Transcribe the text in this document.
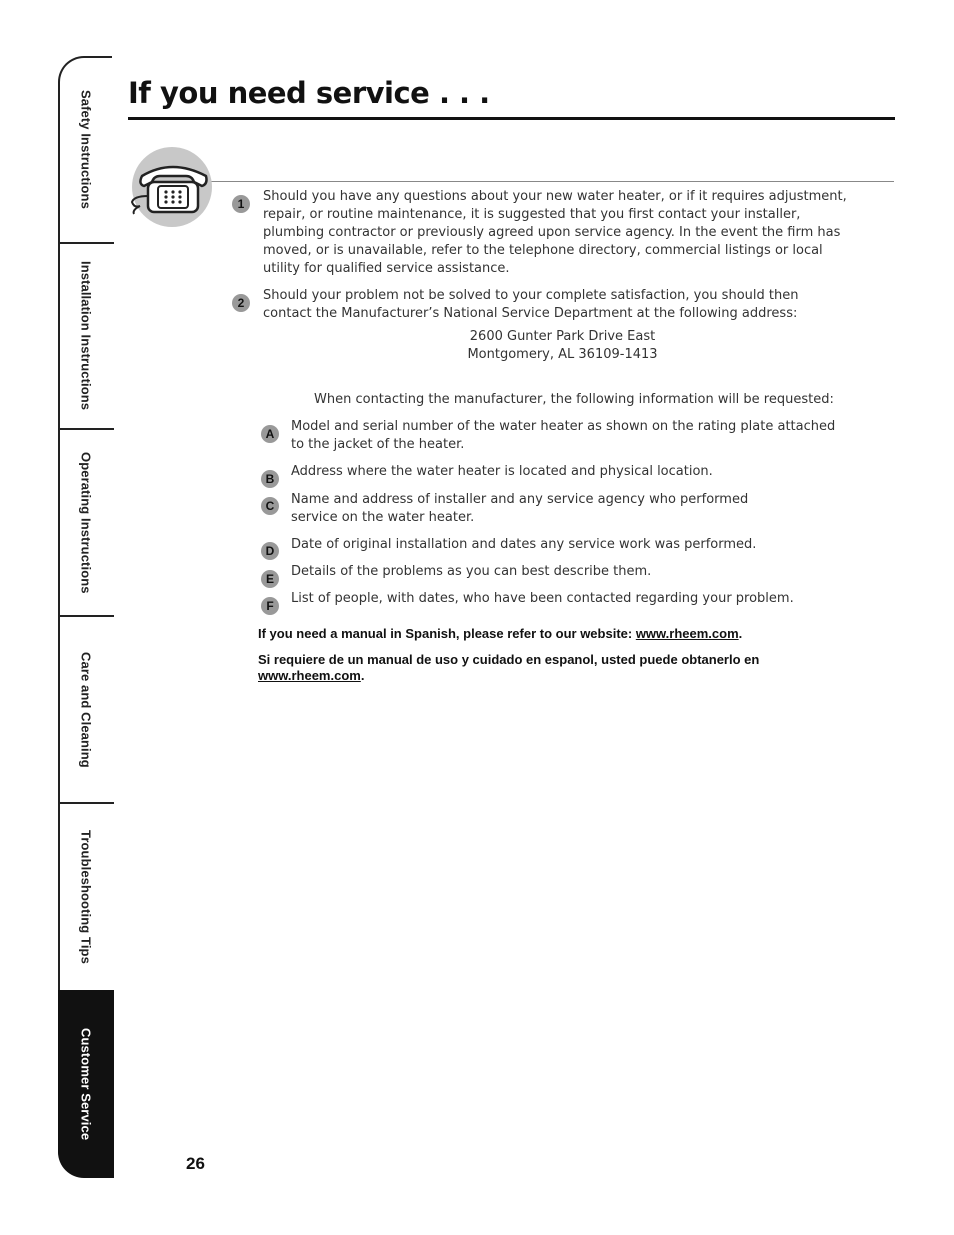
Safety Instructions
Installation Instructions
Operating Instructions
Care and Cleaning
Troubleshooting Tips
Customer Service
If you need service . . .
1	Should you have any questions about your new water heater, or if it requires adjustment, repair, or routine maintenance, it is suggested that you first contact your installer, plumbing contractor or previously agreed upon service agency. In the event the firm has moved, or is unavailable, refer to the telephone directory, commercial listings or local utility for qualified service assistance.
2	Should your problem not be solved to your complete satisfaction, you should then contact the Manufacturer’s National Service Department at the following address:
2600 Gunter Park Drive East
Montgomery, AL 36109-1413
When contacting the manufacturer, the following information will be requested:
A	Model and serial number of the water heater as shown on the rating plate attached to the jacket of the heater.
B	Address where the water heater is located and physical location.
C	Name and address of installer and any service agency who performed service on the water heater.
D	Date of original installation and dates any service work was performed.
E	Details of the problems as you can best describe them.
F	List of people, with dates, who have been contacted regarding your problem.
If you need a manual in Spanish, please refer to our website: www.rheem.com.
Si requiere de un manual de uso y cuidado en espanol, usted puede obtanerlo en www.rheem.com.
26
